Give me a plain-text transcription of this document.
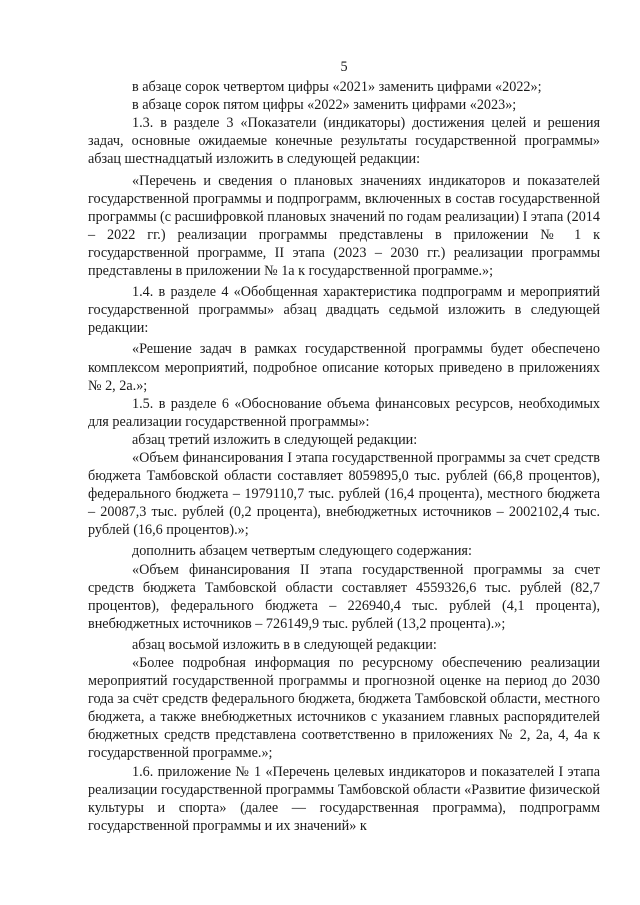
5

в абзаце сорок четвертом цифры «2021» заменить цифрами «2022»;

в абзаце сорок пятом цифры «2022» заменить цифрами «2023»;

1.3. в разделе 3 «Показатели (индикаторы) достижения целей и решения задач, основные ожидаемые конечные результаты государственной программы» абзац шестнадцатый изложить в следующей редакции:

«Перечень и сведения о плановых значениях индикаторов и показателей государственной программы и подпрограмм, включенных в состав государственной программы (с расшифровкой плановых значений по годам реализации) I этапа (2014 – 2022 гг.) реализации программы представлены в приложении № 1 к государственной программе, II этапа (2023 – 2030 гг.) реализации программы представлены в приложении № 1а к государственной программе.»;

1.4. в разделе 4 «Обобщенная характеристика подпрограмм и мероприятий государственной программы» абзац двадцать седьмой изложить в следующей редакции:

«Решение задач в рамках государственной программы будет обеспечено комплексом мероприятий, подробное описание которых приведено в приложениях № 2, 2а.»;

1.5. в разделе 6 «Обоснование объема финансовых ресурсов, необходимых для реализации государственной программы»:

абзац третий изложить в следующей редакции:

«Объем финансирования I этапа государственной программы за счет средств бюджета Тамбовской области составляет 8059895,0 тыс. рублей (66,8 процентов), федерального бюджета – 1979110,7 тыс. рублей (16,4 процента), местного бюджета – 20087,3 тыс. рублей (0,2 процента), внебюджетных источников – 2002102,4 тыс. рублей (16,6 процентов).»;

дополнить абзацем четвертым следующего содержания:

«Объем финансирования II этапа государственной программы за счет средств бюджета Тамбовской области составляет 4559326,6 тыс. рублей (82,7 процентов), федерального бюджета – 226940,4 тыс. рублей (4,1 процента), внебюджетных источников – 726149,9 тыс. рублей (13,2 процента).»;

абзац восьмой изложить в в следующей редакции:

«Более подробная информация по ресурсному обеспечению реализации мероприятий государственной программы и прогнозной оценке на период до 2030 года за счёт средств федерального бюджета, бюджета Тамбовской области, местного бюджета, а также внебюджетных источников с указанием главных распорядителей бюджетных средств представлена соответственно в приложениях № 2, 2а, 4, 4а к государственной программе.»;

1.6. приложение № 1 «Перечень целевых индикаторов и показателей I этапа реализации государственной программы Тамбовской области «Развитие физической культуры и спорта» (далее — государственная программа), подпрограмм государственной программы и их значений» к
